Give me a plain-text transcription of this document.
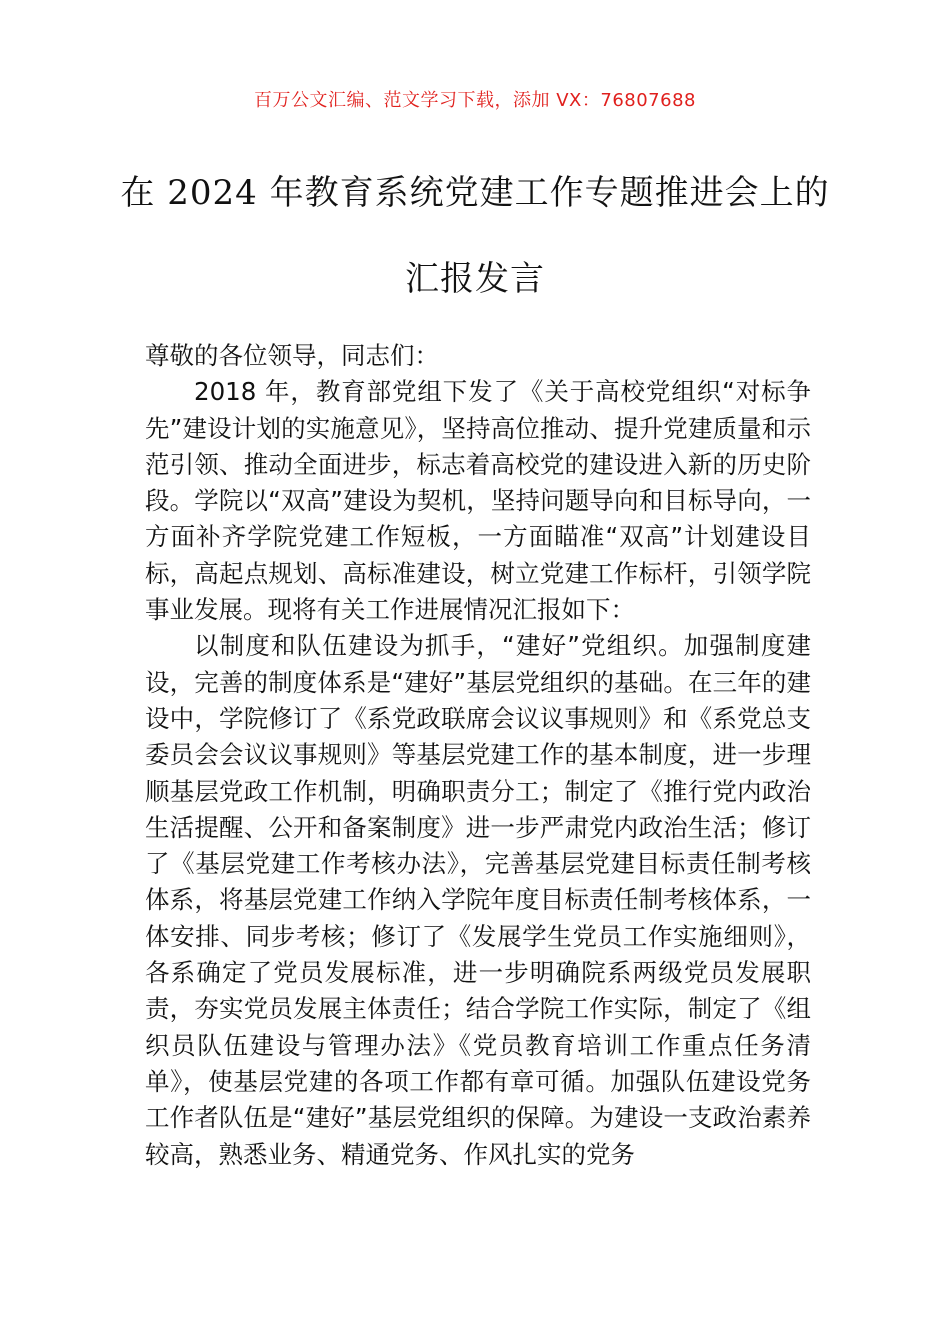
百万公文汇编、范文学习下载，添加 VX：76807688
在 2024 年教育系统党建工作专题推进会上的汇报发言

尊敬的各位领导，同志们：

2018 年，教育部党组下发了《关于高校党组织“对标争先”建设计划的实施意见》，坚持高位推动、提升党建质量和示范引领、推动全面进步，标志着高校党的建设进入新的历史阶段。学院以“双高”建设为契机，坚持问题导向和目标导向，一方面补齐学院党建工作短板，一方面瞄准“双高”计划建设目标，高起点规划、高标准建设，树立党建工作标杆，引领学院事业发展。现将有关工作进展情况汇报如下：

以制度和队伍建设为抓手，“建好”党组织。加强制度建设，完善的制度体系是“建好”基层党组织的基础。在三年的建设中，学院修订了《系党政联席会议议事规则》和《系党总支委员会会议议事规则》等基层党建工作的基本制度，进一步理顺基层党政工作机制，明确职责分工；制定了《推行党内政治生活提醒、公开和备案制度》进一步严肃党内政治生活；修订了《基层党建工作考核办法》，完善基层党建目标责任制考核体系，将基层党建工作纳入学院年度目标责任制考核体系，一体安排、同步考核；修订了《发展学生党员工作实施细则》，各系确定了党员发展标准，进一步明确院系两级党员发展职责，夯实党员发展主体责任；结合学院工作实际，制定了《组织员队伍建设与管理办法》《党员教育培训工作重点任务清单》，使基层党建的各项工作都有章可循。加强队伍建设党务工作者队伍是“建好”基层党组织的保障。为建设一支政治素养较高，熟悉业务、精通党务、作风扎实的党务
